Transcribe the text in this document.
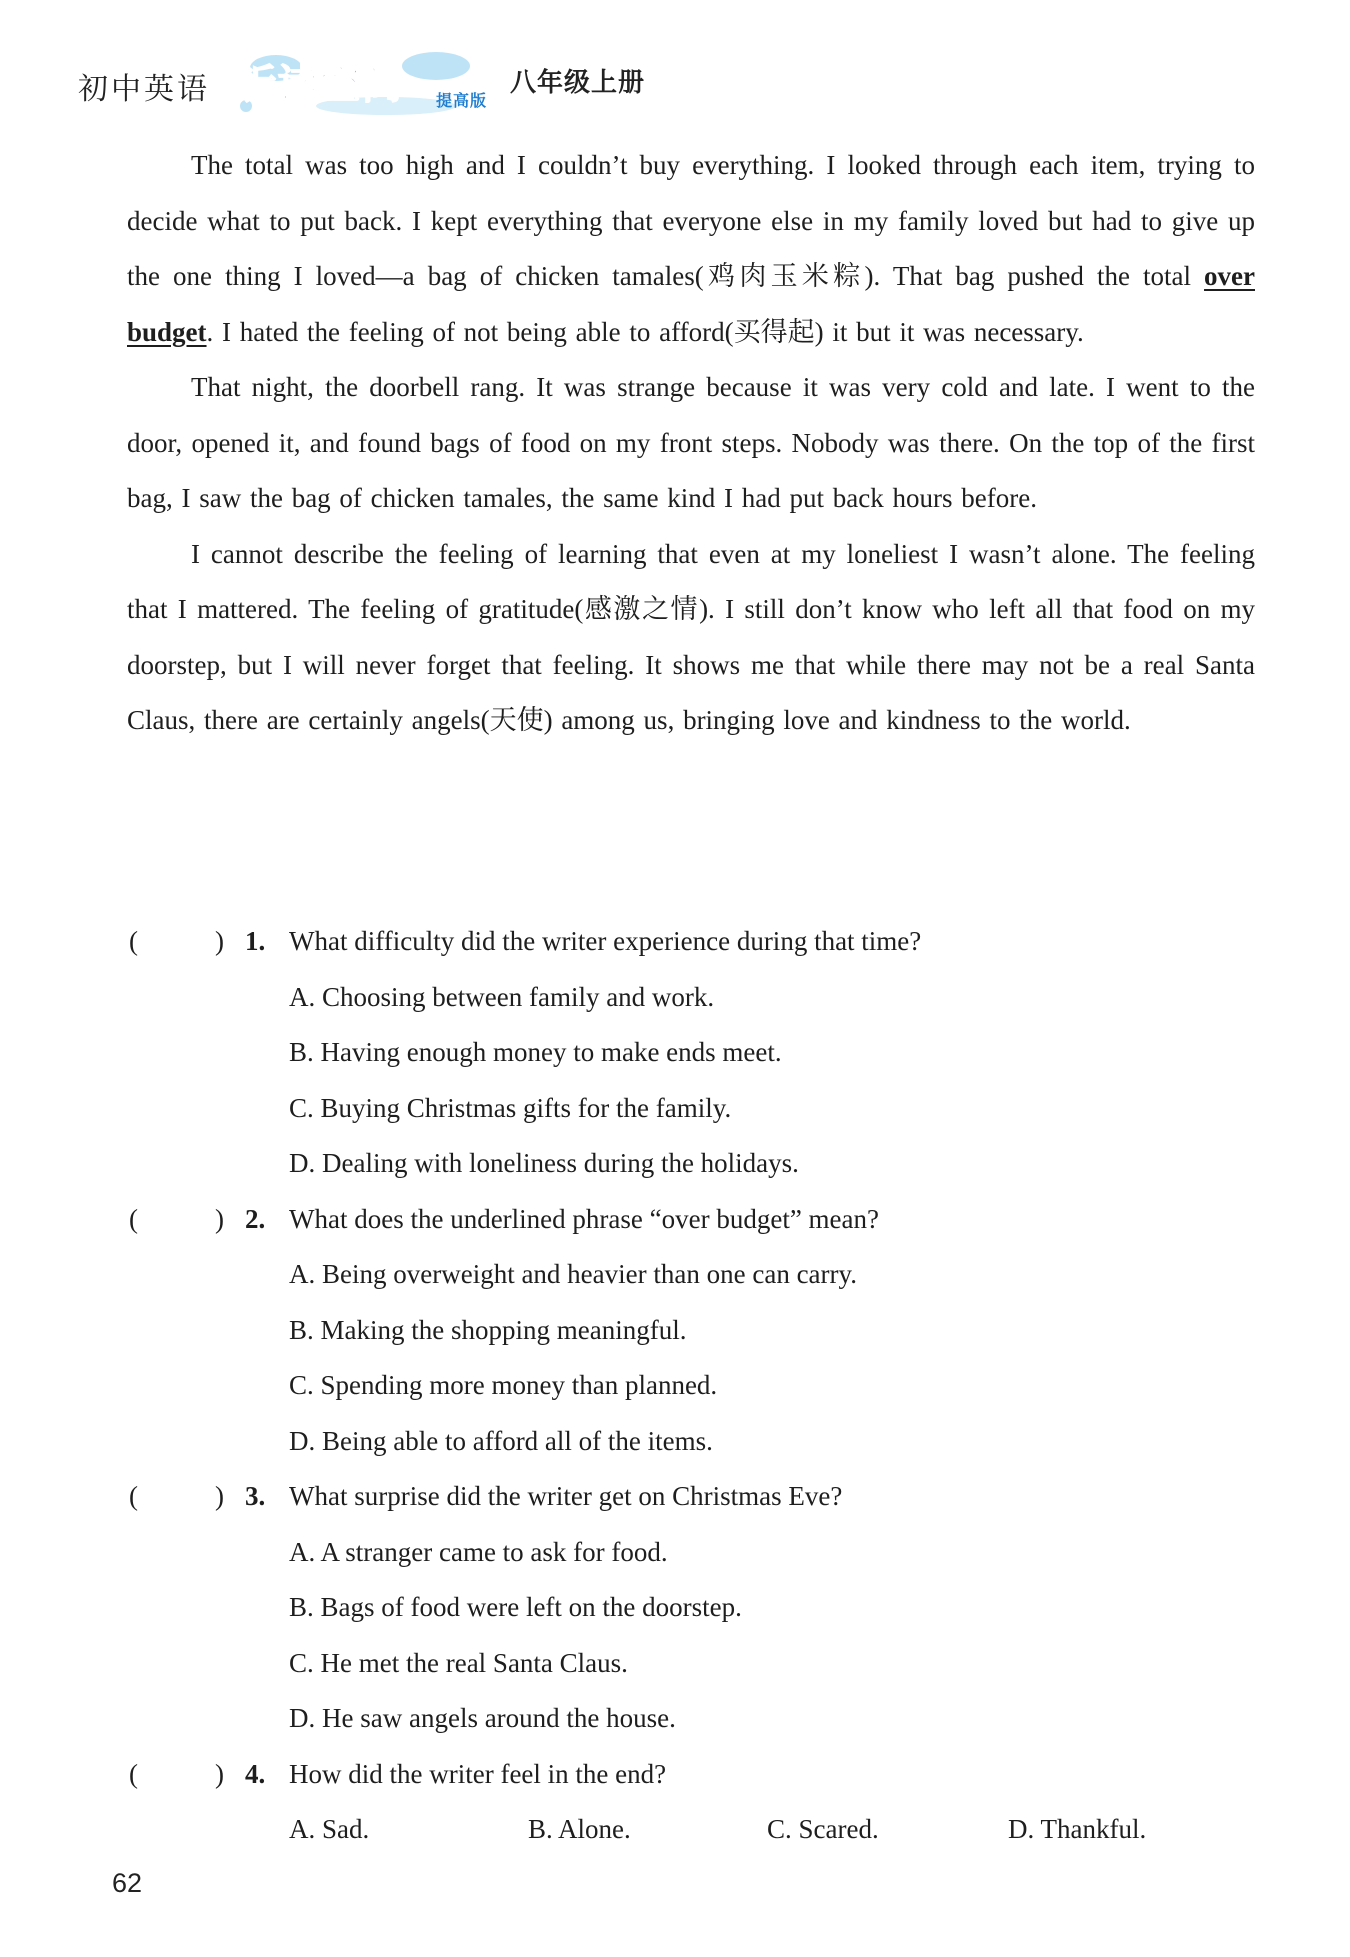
初中英语 听读空间 提高版
八年级上册

The total was too high and I couldn’t buy everything. I looked through each item, trying to decide what to put back. I kept everything that everyone else in my family loved but had to give up the one thing I loved—a bag of chicken tamales(鸡肉玉米粽). That bag pushed the total over budget. I hated the feeling of not being able to afford(买得起) it but it was necessary.

That night, the doorbell rang. It was strange because it was very cold and late. I went to the door, opened it, and found bags of food on my front steps. Nobody was there. On the top of the first bag, I saw the bag of chicken tamales, the same kind I had put back hours before.

I cannot describe the feeling of learning that even at my loneliest I wasn’t alone. The feeling that I mattered. The feeling of gratitude(感激之情). I still don’t know who left all that food on my doorstep, but I will never forget that feeling. It shows me that while there may not be a real Santa Claus, there are certainly angels(天使) among us, bringing love and kindness to the world.

(	) 1. What difficulty did the writer experience during that time?
A. Choosing between family and work.
B. Having enough money to make ends meet.
C. Buying Christmas gifts for the family.
D. Dealing with loneliness during the holidays.
(	) 2. What does the underlined phrase “over budget” mean?
A. Being overweight and heavier than one can carry.
B. Making the shopping meaningful.
C. Spending more money than planned.
D. Being able to afford all of the items.
(	) 3. What surprise did the writer get on Christmas Eve?
A. A stranger came to ask for food.
B. Bags of food were left on the doorstep.
C. He met the real Santa Claus.
D. He saw angels around the house.
(	) 4. How did the writer feel in the end?
A. Sad.	B. Alone.	C. Scared.	D. Thankful.
62
